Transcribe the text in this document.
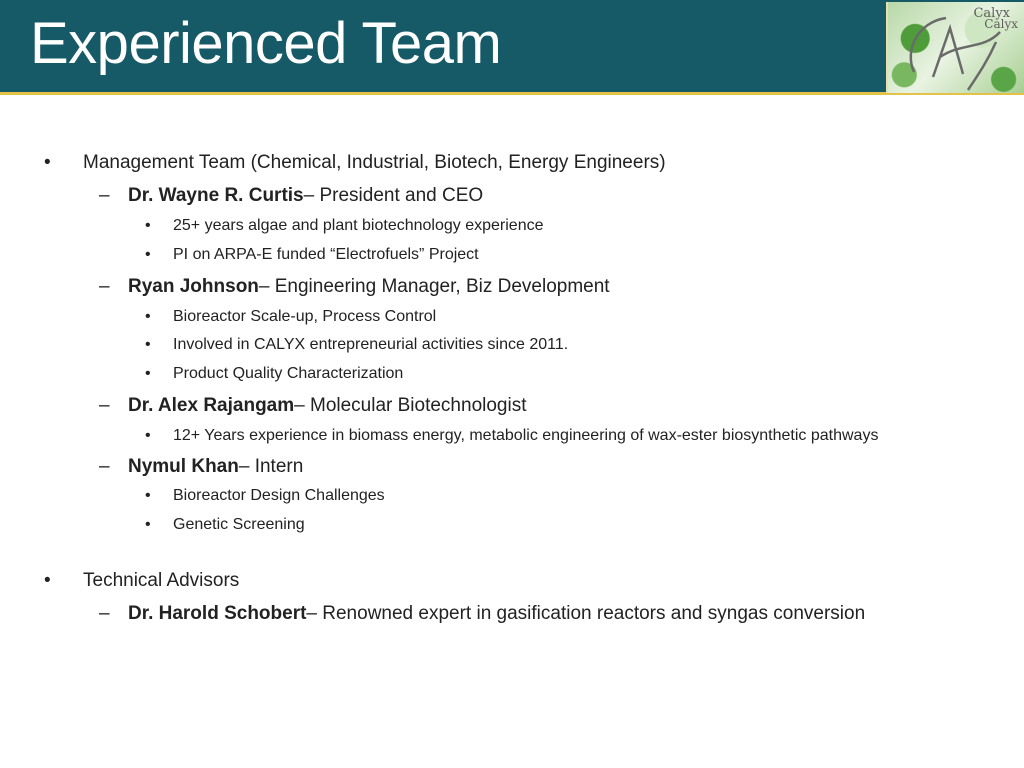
Experienced Team	Calyx
Calyx
•	Management Team (Chemical, Industrial, Biotech, Energy Engineers)
– Dr. Wayne R. Curtis– President and CEO
• 25+ years algae and plant biotechnology experience
• PI on ARPA-E funded “Electrofuels” Project
– Ryan Johnson– Engineering Manager, Biz Development
• Bioreactor Scale-up, Process Control
• Involved in CALYX entrepreneurial activities since 2011.
• Product Quality Characterization
– Dr. Alex Rajangam– Molecular Biotechnologist
• 12+ Years experience in biomass energy, metabolic engineering of wax-ester biosynthetic pathways
– Nymul Khan– Intern
• Bioreactor Design Challenges
• Genetic Screening
•	Technical Advisors
– Dr. Harold Schobert– Renowned expert in gasification reactors and syngas conversion
